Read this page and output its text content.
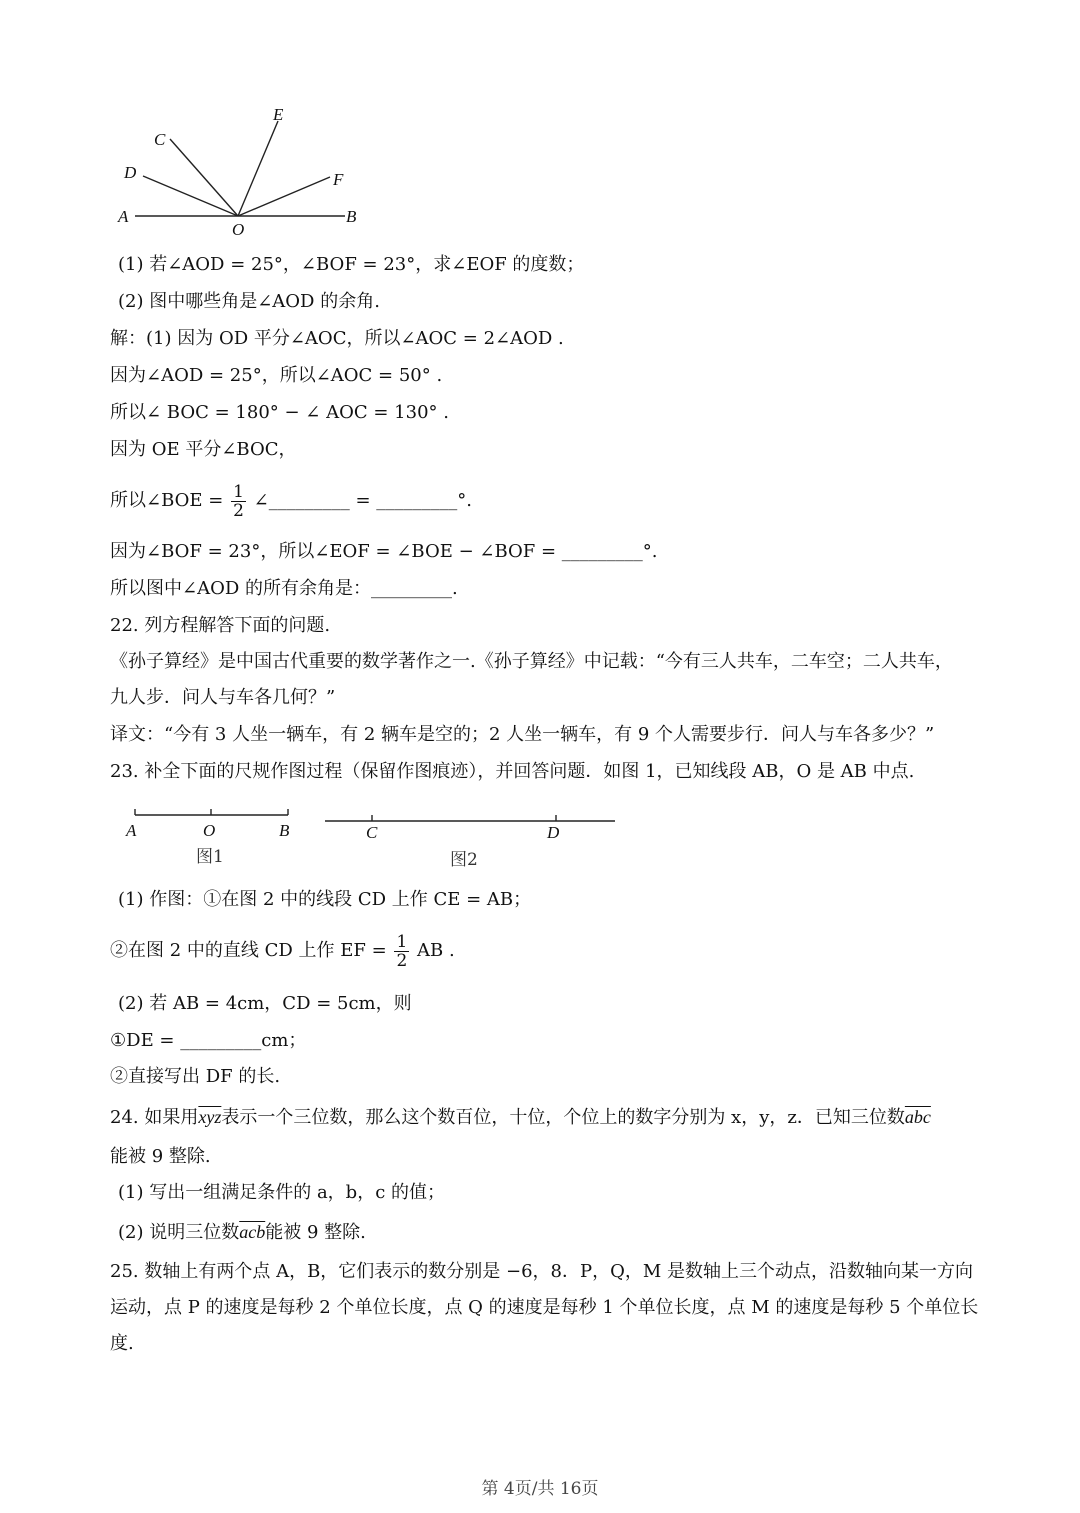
A	B
C
D
E
F
O
(1) 若∠AOD = 25°，∠BOF = 23°，求∠EOF 的度数；
(2) 图中哪些角是∠AOD 的余角.
解：(1) 因为 OD 平分∠AOC，所以∠AOC = 2∠AOD .
因为∠AOD = 25°，所以∠AOC = 50° .
所以∠ BOC = 180° − ∠ AOC = 130° .
因为 OE 平分∠BOC，
所以∠BOE = $\frac{1}{2}$ ∠_________ = _________°.
因为∠BOF = 23°，所以∠EOF = ∠BOE − ∠BOF = _________°.
所以图中∠AOD 的所有余角是：_________.
22. 列方程解答下面的问题.
《孙子算经》是中国古代重要的数学著作之一.《孙子算经》中记载：“今有三人共车，二车空；二人共车，
九人步．问人与车各几何？”
译文：“今有 3 人坐一辆车，有 2 辆车是空的；2 人坐一辆车，有 9 个人需要步行．问人与车各多少？”
23. 补全下面的尺规作图过程（保留作图痕迹），并回答问题．如图 1，已知线段 AB，O 是 AB 中点.
A	O	B
图1
C	D
图2
(1) 作图：①在图 2 中的线段 CD 上作 CE = AB；
②在图 2 中的直线 CD 上作 EF = $\frac{1}{2}$ AB .
(2) 若 AB = 4cm，CD = 5cm，则
①DE = _________cm；
②直接写出 DF 的长.
24. 如果用$\overline{xyz}$表示一个三位数，那么这个数百位，十位，个位上的数字分别为 x，y，z．已知三位数$\overline{abc}$
能被 9 整除.
(1) 写出一组满足条件的 a，b，c 的值；
(2) 说明三位数$\overline{acb}$能被 9 整除.
25. 数轴上有两个点 A，B，它们表示的数分别是 −6，8．P，Q，M 是数轴上三个动点，沿数轴向某一方向
运动，点 P 的速度是每秒 2 个单位长度，点 Q 的速度是每秒 1 个单位长度，点 M 的速度是每秒 5 个单位长
度.
第 4页/共 16页
